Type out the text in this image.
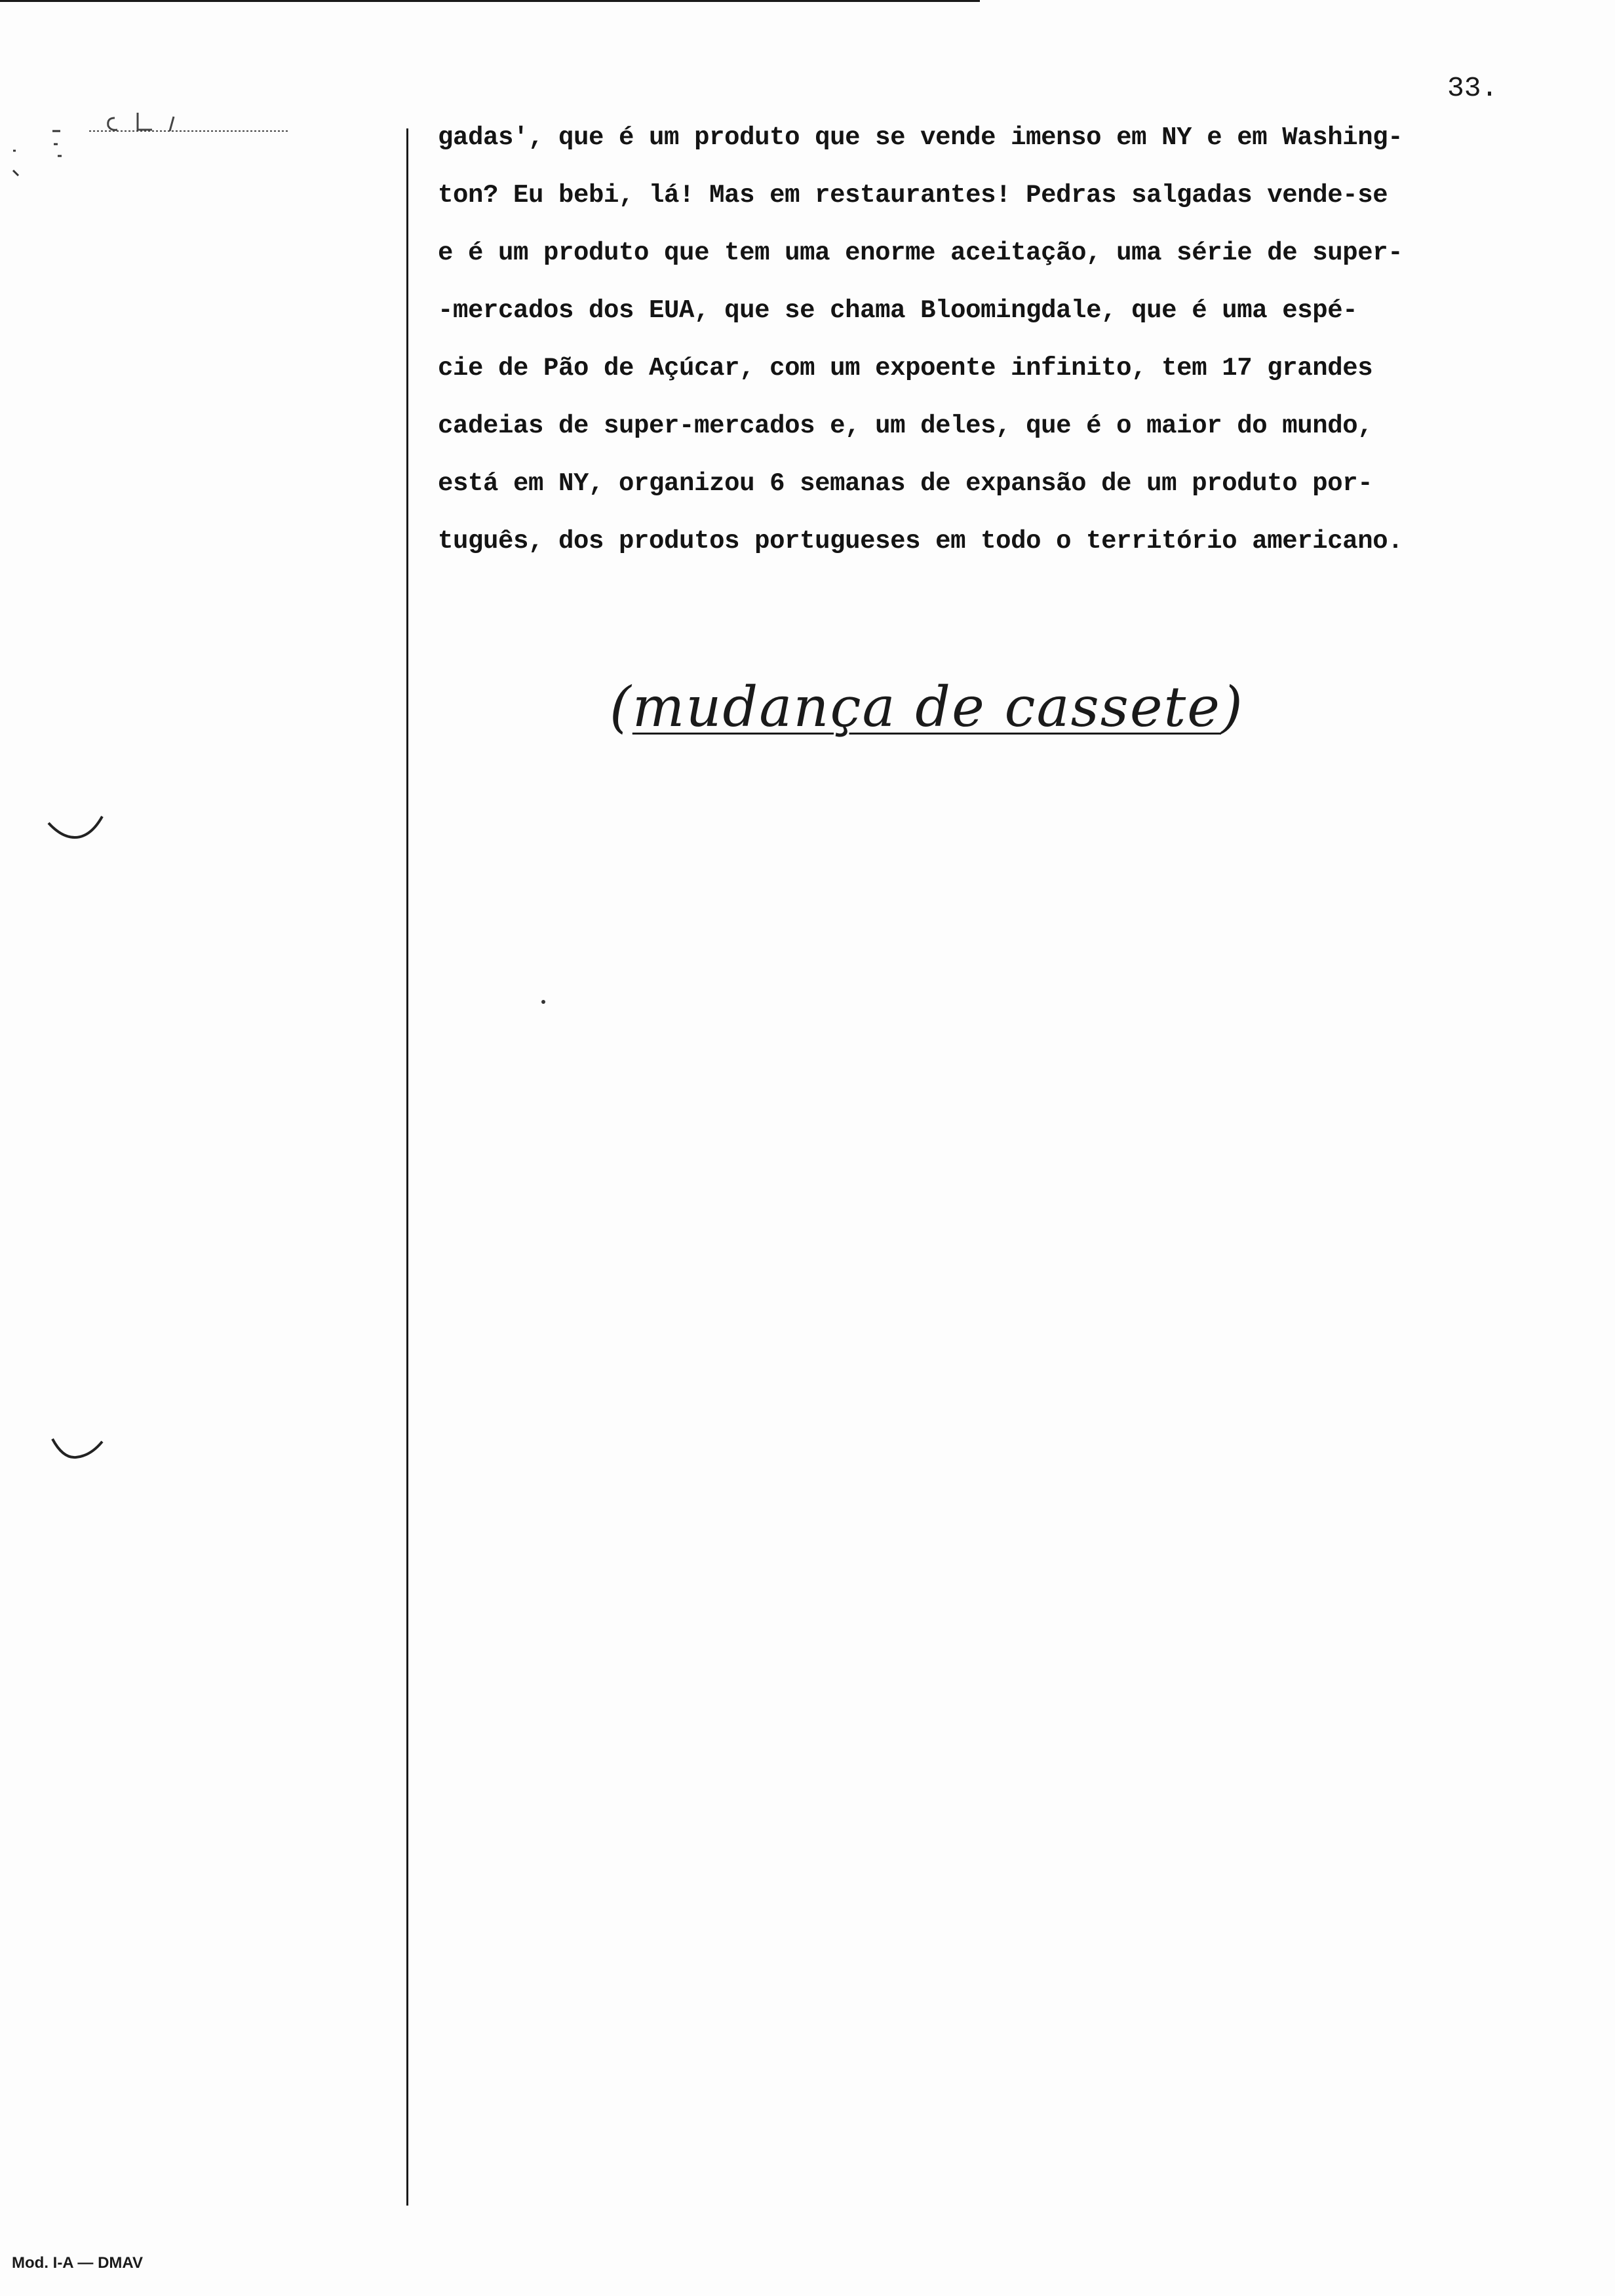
33.
gadas', que é um produto que se vende imenso em NY e em Washing-
ton? Eu bebi, lá! Mas em restaurantes! Pedras salgadas vende-se
e é um produto que tem uma enorme aceitação, uma série de super-
-mercados dos EUA, que se chama Bloomingdale, que é uma espé-
cie de Pão de Açúcar, com um expoente infinito, tem 17 grandes
cadeias de super-mercados e, um deles, que é o maior do mundo,
está em NY, organizou 6 semanas de expansão de um produto por-
tuguês, dos produtos portugueses em todo o território americano.
(mudança de cassete)
Mod. I-A — DMAV
